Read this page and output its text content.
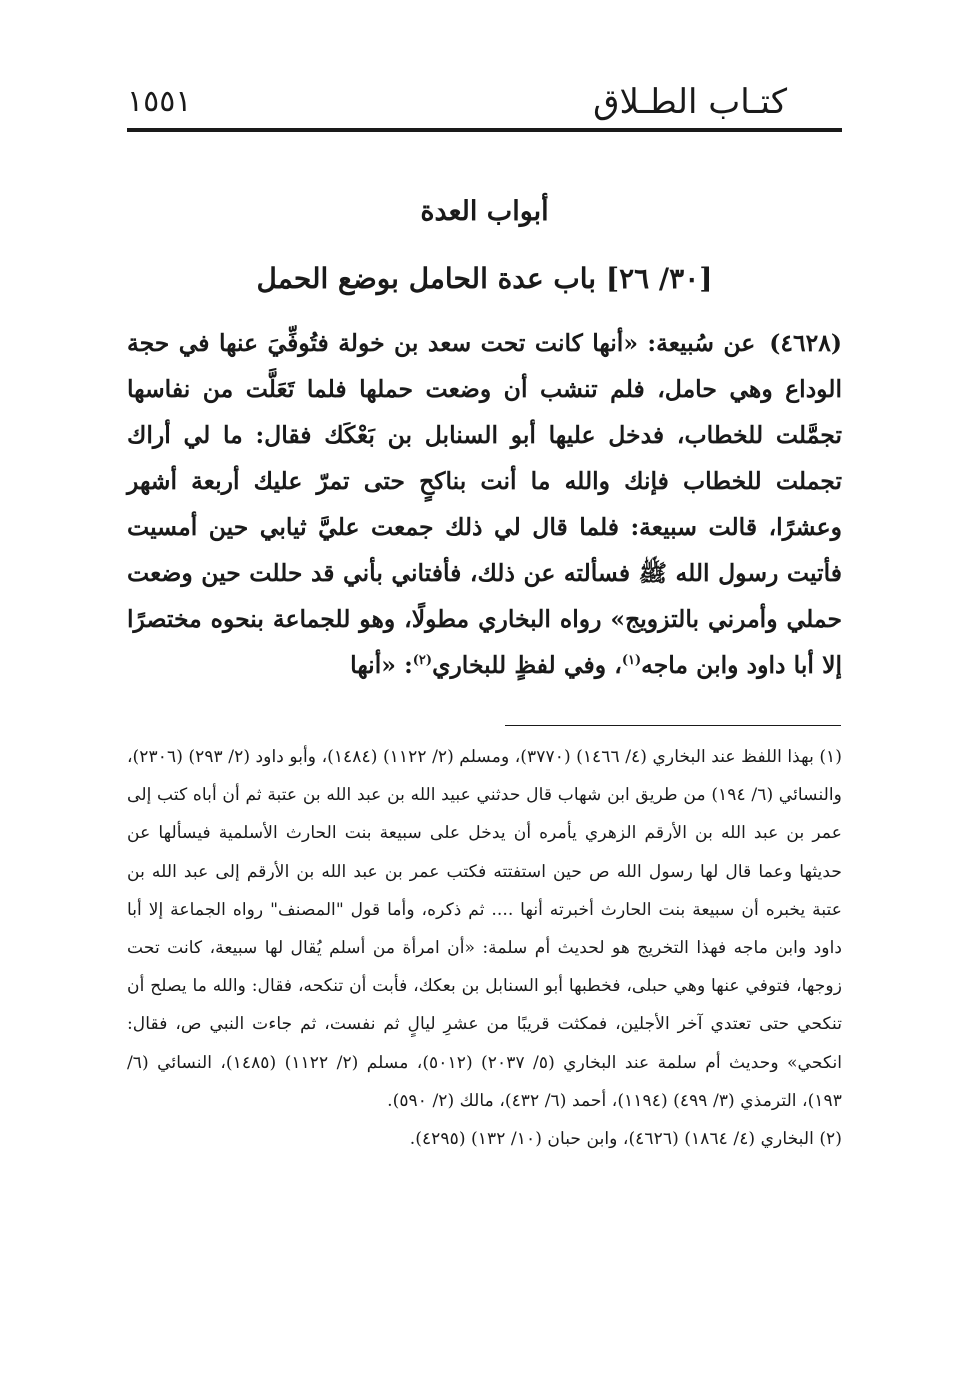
كتـاب الطـلاق
١٥٥١
أبواب العدة
[٣٠/ ٢٦] باب عدة الحامل بوضع الحمل
(٤٦٢٨)عن سُبيعة: «أنها كانت تحت سعد بن خولة فتُوفِّيَ عنها في حجة الوداع وهي حامل، فلم تنشب أن وضعت حملها فلما تَعَلَّت من نفاسها تجمَّلت للخطاب، فدخل عليها أبو السنابل بن بَعْكَك فقال: ما لي أراك تجملت للخطاب فإنك والله ما أنت بناكحٍ حتى تمرّ عليك أربعة أشهر وعشرًا، قالت سبيعة: فلما قال لي ذلك جمعت عليَّ ثيابي حين أمسيت فأتيت رسول الله ﷺ فسألته عن ذلك، فأفتاني بأني قد حللت حين وضعت حملي وأمرني بالتزويج» رواه البخاري مطولًا، وهو للجماعة بنحوه مختصرًا إلا أبا داود وابن ماجه$^{(١)}$، وفي لفظٍ للبخاري$^{(٢)}$: «أنها

(١) بهذا اللفظ عند البخاري (٤/ ١٤٦٦) (٣٧٧٠)، ومسلم (٢/ ١١٢٢) (١٤٨٤)، وأبو داود (٢/ ٢٩٣) (٢٣٠٦)، والنسائي (٦/ ١٩٤) من طريق ابن شهاب قال حدثني عبيد الله بن عبد الله بن عتبة ثم أن أباه كتب إلى عمر بن عبد الله بن الأرقم الزهري يأمره أن يدخل على سبيعة بنت الحارث الأسلمية فيسألها عن حديثها وعما قال لها رسول الله ص حين استفتته فكتب عمر بن عبد الله بن الأرقم إلى عبد الله بن عتبة يخبره أن سبيعة بنت الحارث أخبرته أنها .... ثم ذكره، وأما قول "المصنف" رواه الجماعة إلا أبا داود وابن ماجه فهذا التخريج هو لحديث أم سلمة: «أن امرأة من أسلم يُقال لها سبيعة، كانت تحت زوجها، فتوفي عنها وهي حبلى، فخطبها أبو السنابل بن بعكك، فأبت أن تنكحه، فقال: والله ما يصلح أن تنكحي حتى تعتدي آخر الأجلين، فمكثت قريبًا من عشرِ ليالٍ ثم نفست، ثم جاءت النبي ص، فقال: انكحي» وحديث أم سلمة عند البخاري (٥/ ٢٠٣٧) (٥٠١٢)، مسلم (٢/ ١١٢٢) (١٤٨٥)، النسائي (٦/ ١٩٣)، الترمذي (٣/ ٤٩٩) (١١٩٤)، أحمد (٦/ ٤٣٢)، مالك (٢/ ٥٩٠).

(٢) البخاري (٤/ ١٨٦٤) (٤٦٢٦)، وابن حبان (١٠/ ١٣٢) (٤٢٩٥).
